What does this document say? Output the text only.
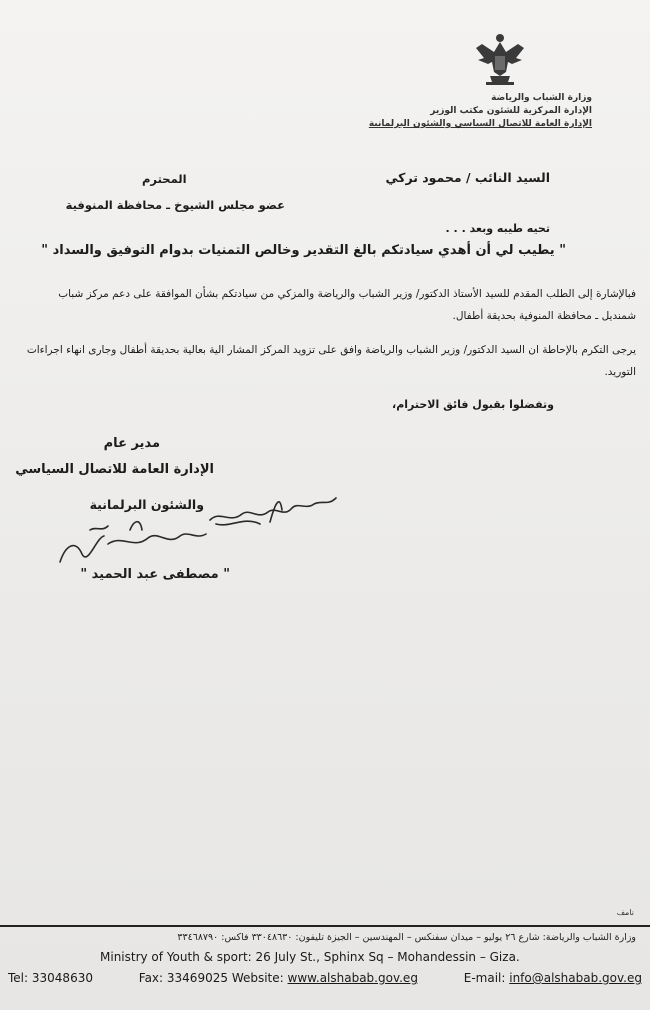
وزارة الشباب والرياضة
الإدارة المركزية للشئون مكتب الوزير
الإدارة العامة للاتصال السياسي والشئون البرلمانية
السيد النائب / محمود تركي
المحترم
عضو مجلس الشيوخ ـ محافظة المنوفية
تحيه طيبه وبعد . . .
" يطيب لي أن أهدي سيادتكم بالغ التقدير وخالص التمنيات بدوام التوفيق والسداد "
فبالإشارة إلى الطلب المقدم للسيد الأستاذ الدكتور/ وزير الشباب والرياضة والمزكي من سيادتكم بشأن الموافقة على دعم مركز شباب شمنديل ـ محافظة المنوفية بحديقة أطفال.
يرجى التكرم بالإحاطة ان السيد الدكتور/ وزير الشباب والرياضة وافق على تزويد المركز المشار الية بعالية بحديقة أطفال وجارى انهاء اجراءات التوريد.
وتفضلوا بقبول فائق الاحترام،
مدير عام
الإدارة العامة للاتصال السياسي
والشئون البرلمانية
" مصطفى عبد الحميد "
نامف
وزارة الشباب والرياضة: شارع ٢٦ يوليو – ميدان سفنكس – المهندسين – الجيزة تليفون: ٣٣٠٤٨٦٣٠ فاكس: ٣٣٤٦٨٧٩٠
Ministry of Youth & sport: 26 July St., Sphinx Sq – Mohandessin – Giza.
Tel: 33048630	Fax: 33469025 Website: www.alshabab.gov.eg	E-mail: info@alshabab.gov.eg
